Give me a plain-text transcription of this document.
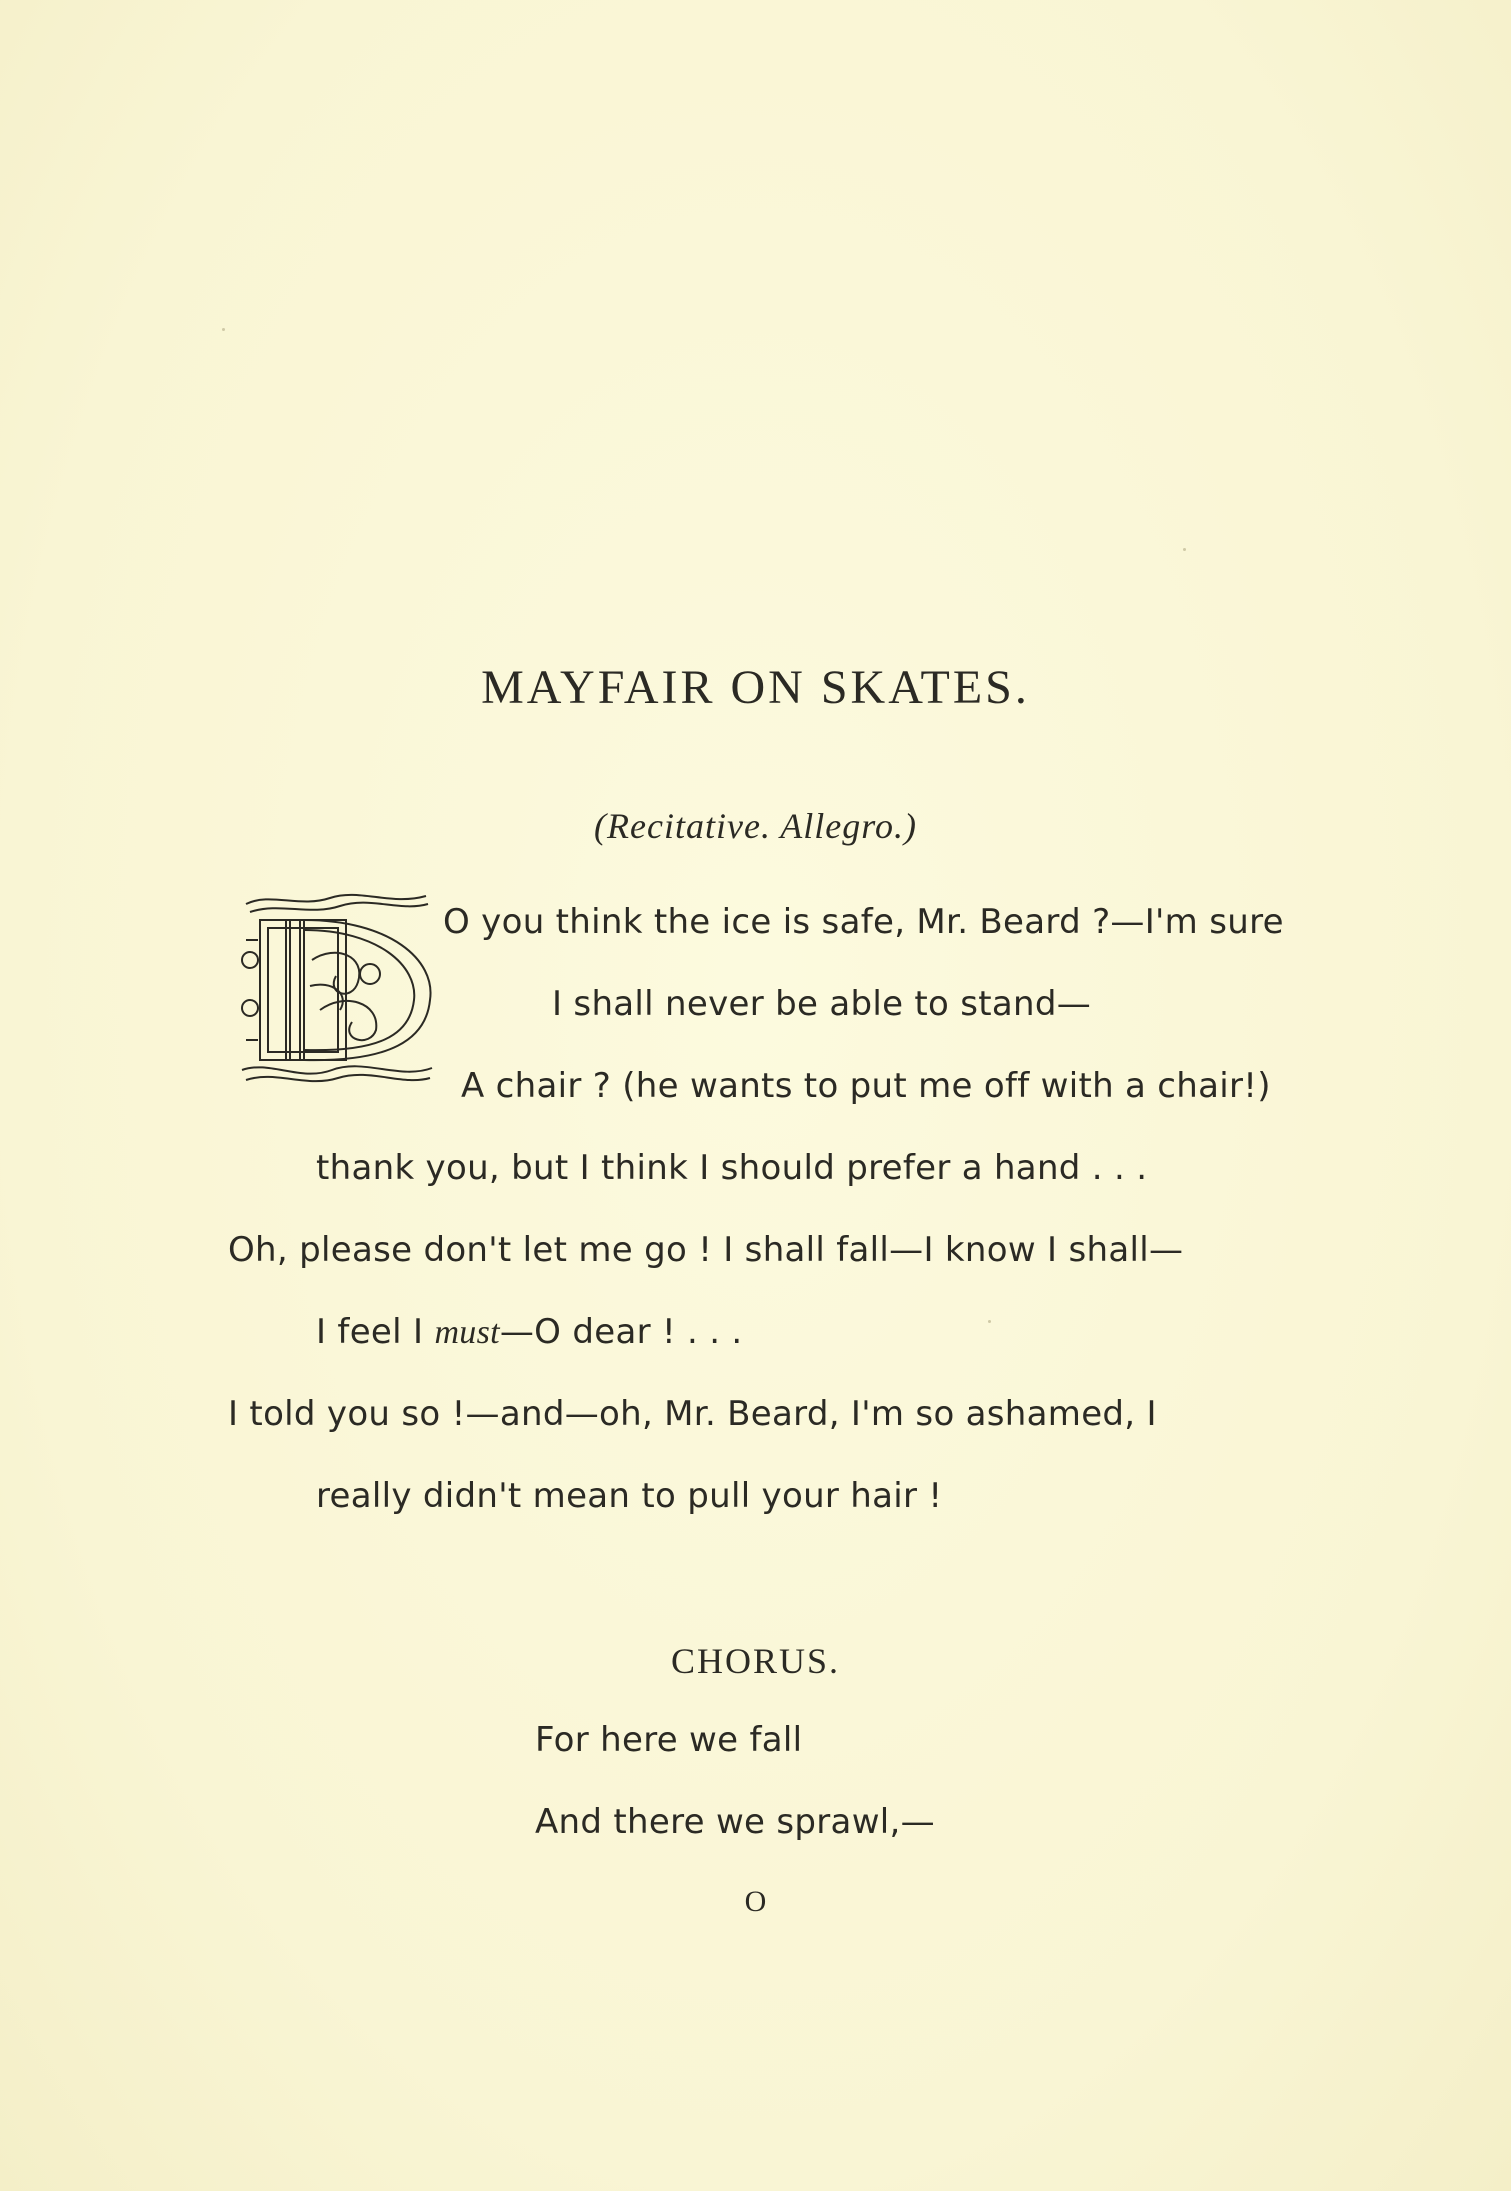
MAYFAIR ON SKATES.
(Recitative. Allegro.)
O you think the ice is safe, Mr. Beard ?—I'm sure
I shall never be able to stand—
A chair ? (he wants to put me off with a chair!)
thank you, but I think I should prefer a hand . . .
Oh, please don't let me go ! I shall fall—I know I shall—
I feel I must—O dear ! . . .
I told you so !—and—oh, Mr. Beard, I'm so ashamed, I
really didn't mean to pull your hair !
CHORUS.
For here we fall
And there we sprawl,—
O
